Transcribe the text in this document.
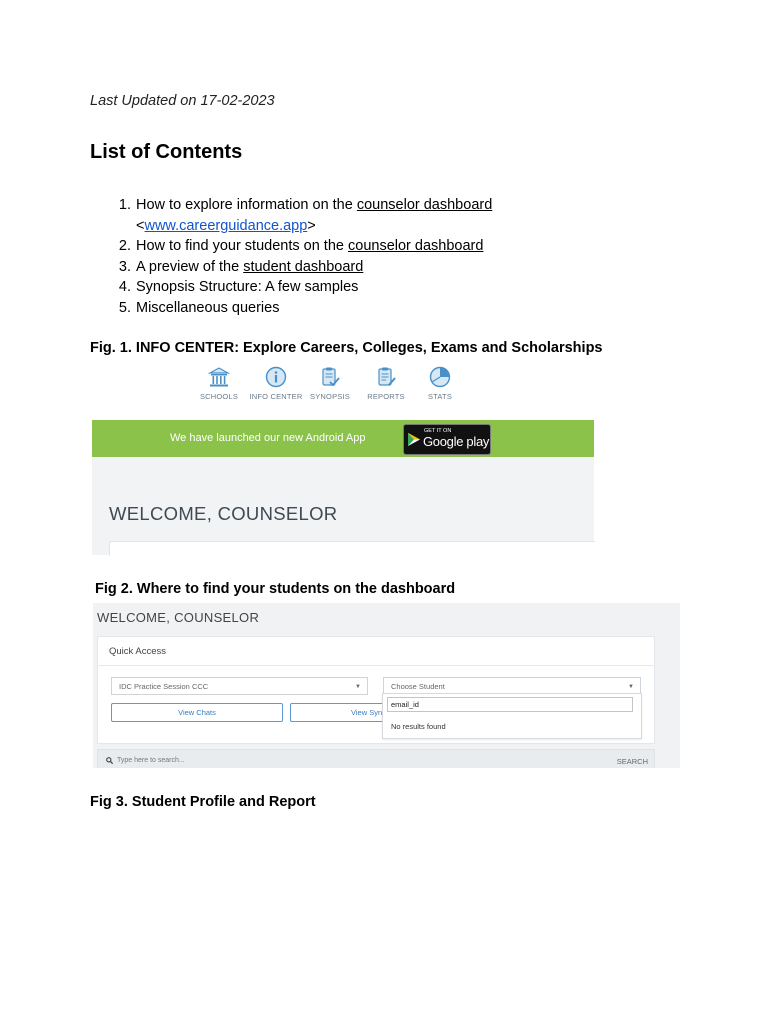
Last Updated on 17-02-2023
List of Contents
1. How to explore information on the counselor dashboard
<www.careerguidance.app>
2. How to find your students on the counselor dashboard
3. A preview of the student dashboard
4. Synopsis Structure: A few samples
5. Miscellaneous queries
Fig. 1. INFO CENTER: Explore Careers, Colleges, Exams and Scholarships
SCHOOLS	INFO CENTER	SYNOPSIS	REPORTS	STATS
We have launched our new Android App
GET IT ON
Google play
WELCOME, COUNSELOR
Fig 2. Where to find your students on the dashboard
WELCOME, COUNSELOR
Quick Access
IDC Practice Session CCC	▼	Choose Student	▼
View Chats	View Syn
email_id
No results found
Type here to search...	SEARCH
Fig 3. Student Profile and Report
